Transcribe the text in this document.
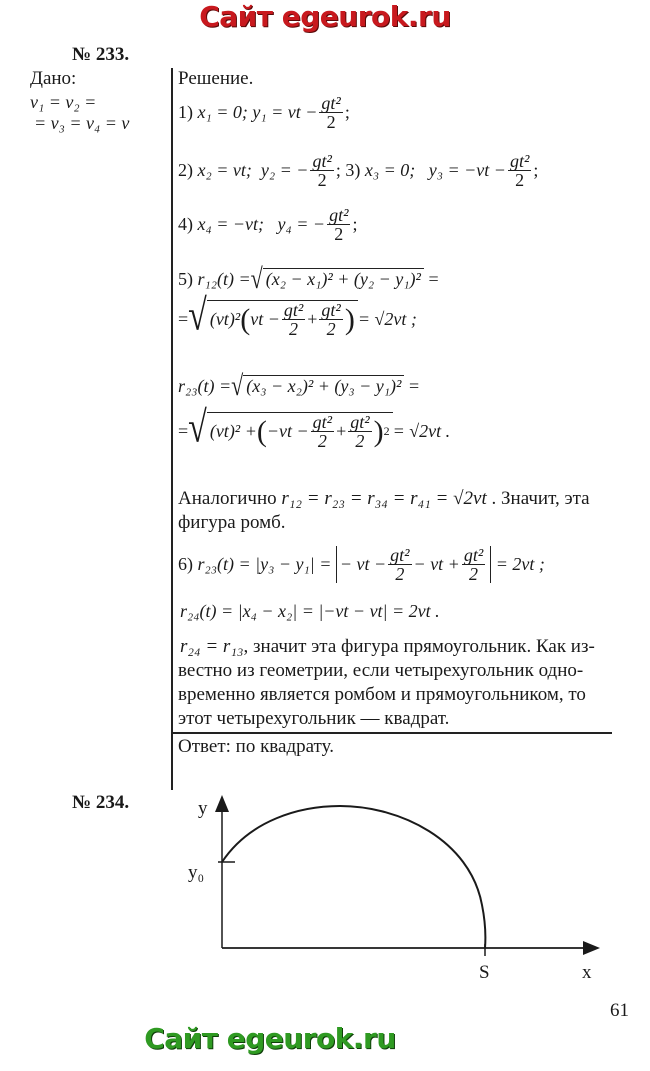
Сайт egeurok.ru
№ 233.
Дано:
v₁ = v₂ =
= v₃ = v₄ = v
Решение.
1)
x₁ = 0;
y₁ = vt − $\frac{\text{gt²}}{2}$ ;
2)
x₂ = vt;
y₂ = − $\frac{\text{gt²}}{2}$ ;
3)
x₃ = 0;
$y_3 = -vt - \frac{\text{gt²}}{2}$ ;
4)
x₄ = −vt;
y₄ = − $\frac{\text{gt²}}{2}$ ;
5)
r₁₂(t) = √ (x₂ − x₁)² + (y₂ − y₁)²
=
= √ (vt)² ( vt − $\frac{\text{gt²}}{2} + \frac{\text{gt²}}{2}$ ) = √2vt ;
r₂₃(t) = √ (x₃ − x₂)² + (y₃ − y₁)²
=
= √ (vt)² + ( $-vt - \frac{\text{gt²}}{2} + \frac{\text{gt²}}{2}$ ) 2 = √2vt .
Аналогично r₁₂ = r₂₃ = r₃₄ = r₄₁ = √2vt . Значит, эта
фигура ромб.
6)
r₂₃(t) = |y₃ − y₁| =
− vt − $\frac{\text{gt²}}{2}$ − vt + $\frac{\text{gt²}}{2}$
= 2vt ;
r₂₄(t) = |x₄ − x₂| = |−vt − vt| = 2vt .
r₂₄ = r₁₃, значит эта фигура прямоугольник. Как из-
вестно из геометрии, если четырехугольник одно-
временно является ромбом и прямоугольником, то
этот четырехугольник — квадрат.
Ответ: по квадрату.
№ 234.	y
y₀
S	x
61
Сайт egeurok.ru
